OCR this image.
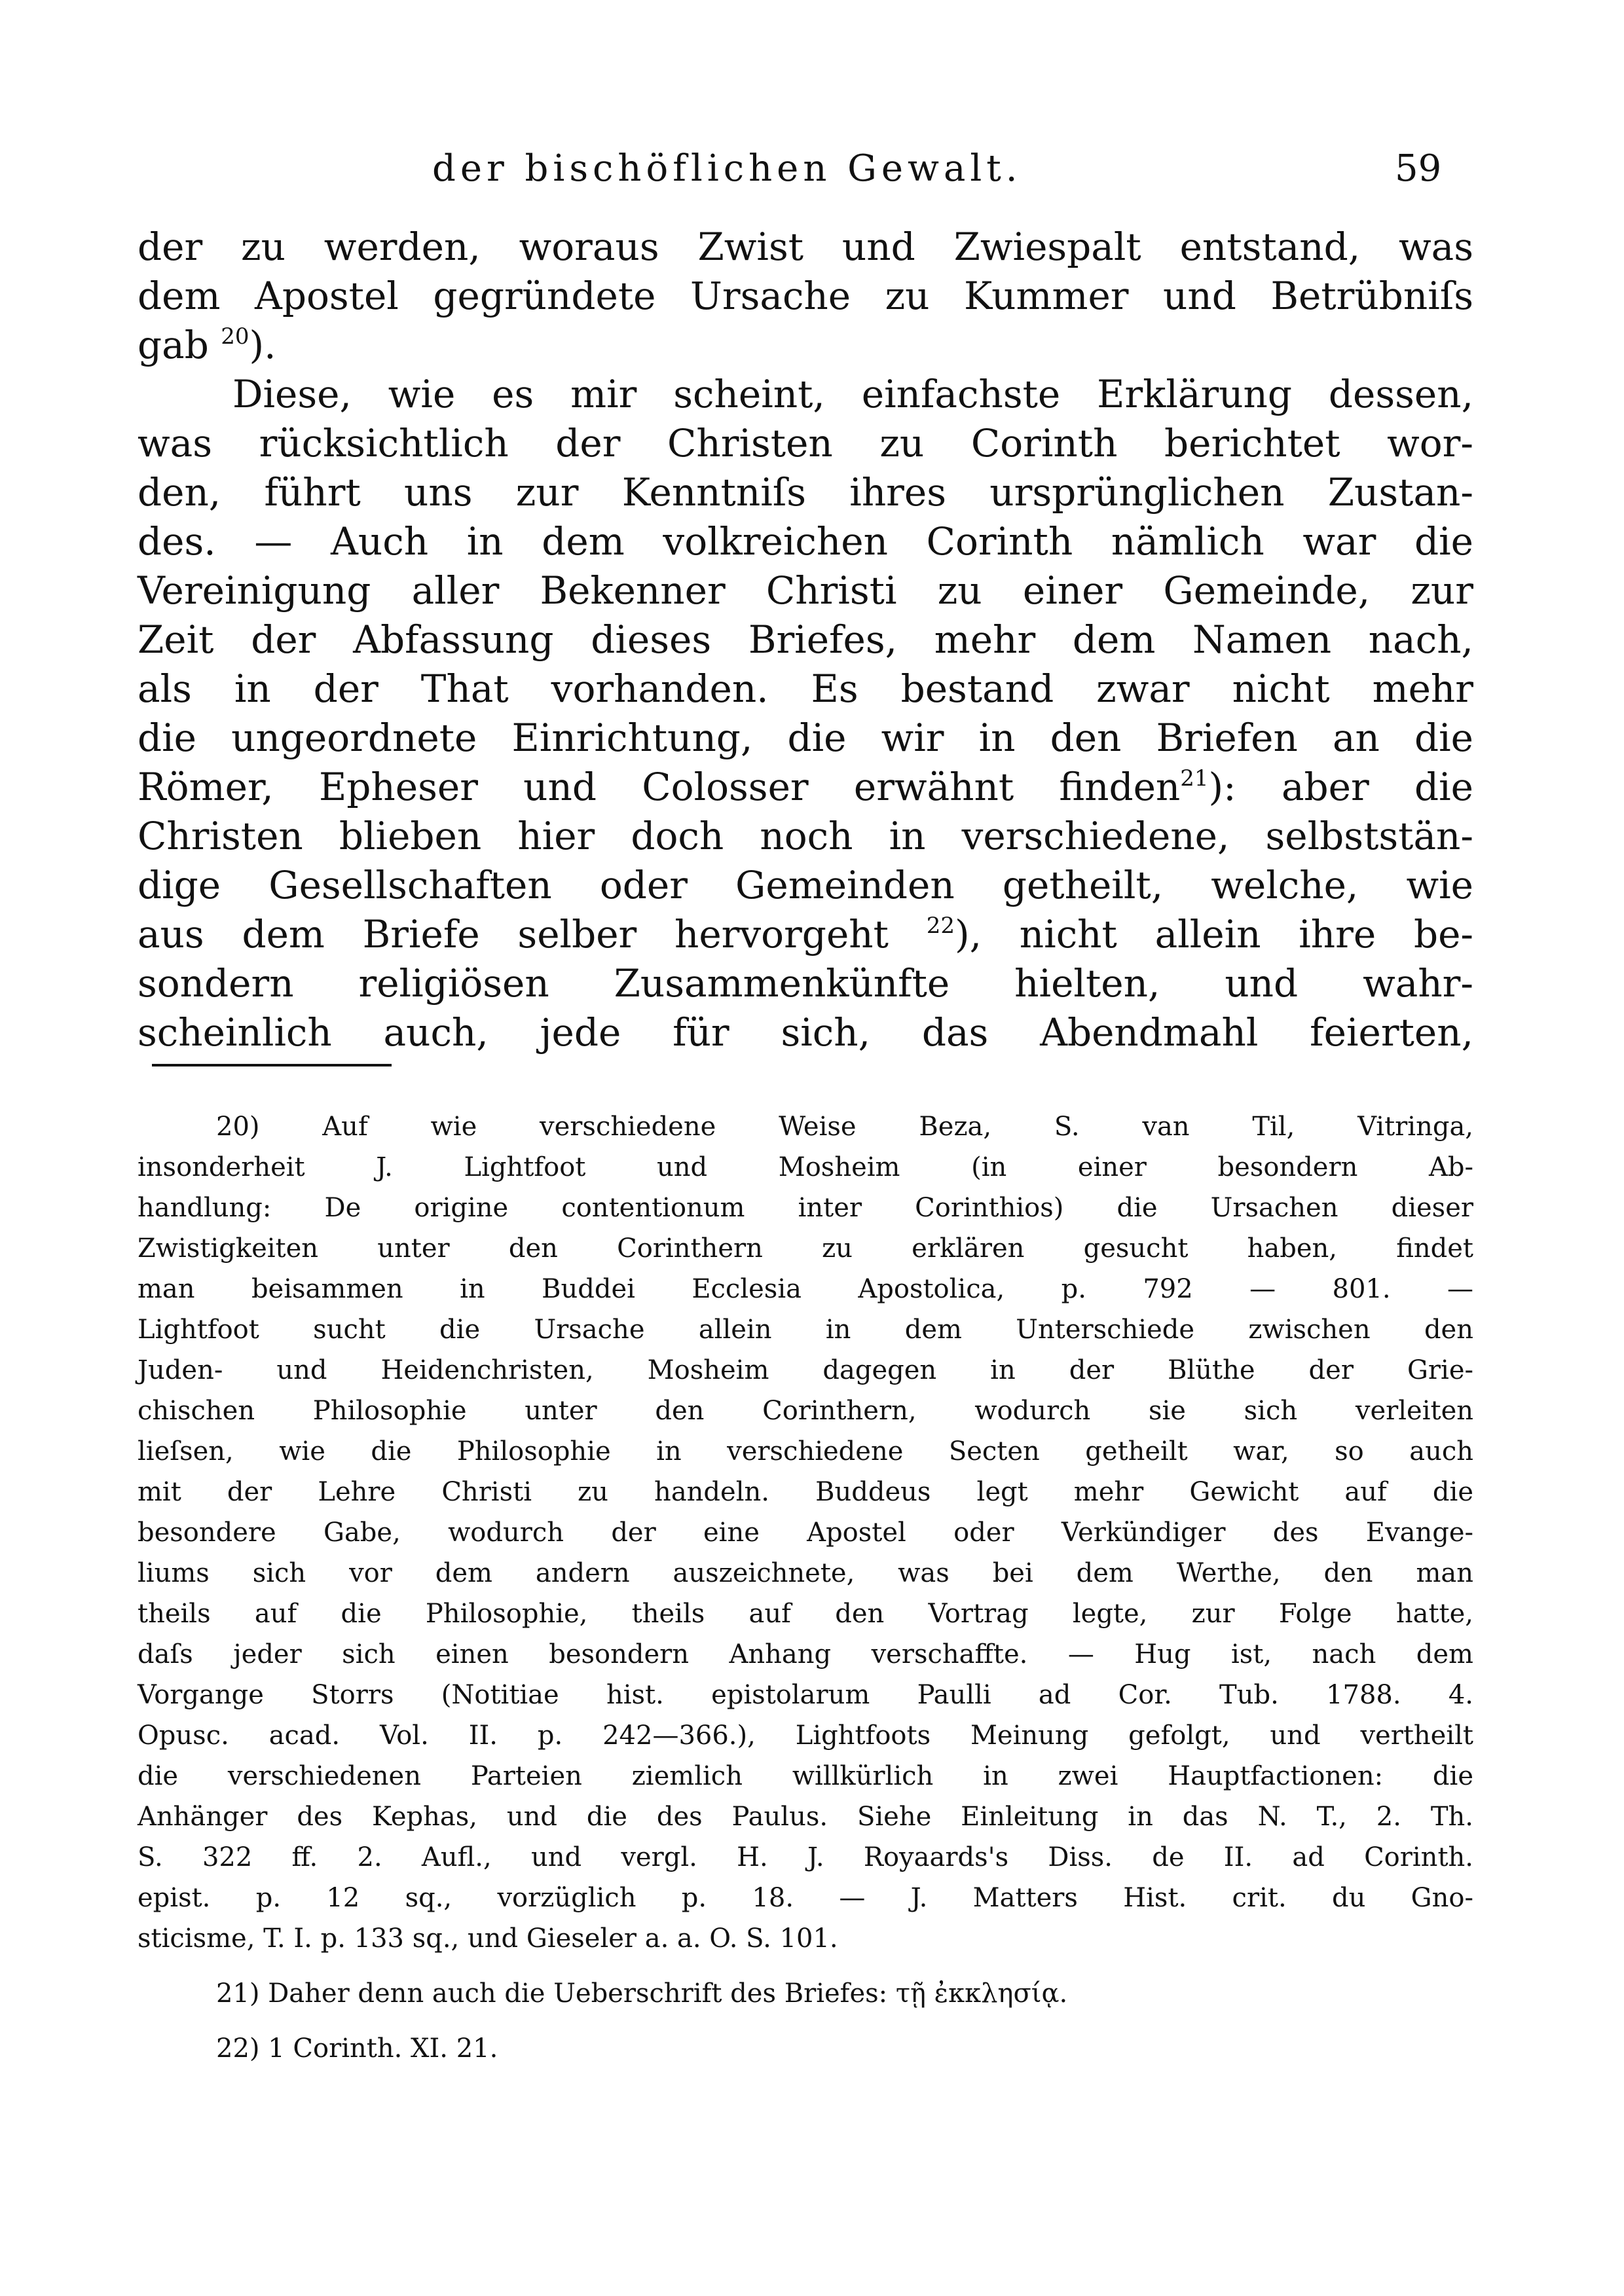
der bischöflichen Gewalt.	59
der zu werden, woraus Zwist und Zwiespalt entstand, was
dem Apostel gegründete Ursache zu Kummer und Betrübniſs
gab $^{20}$).
Diese, wie es mir scheint, einfachste Erklärung dessen,
was rücksichtlich der Christen zu Corinth berichtet wor-
den, führt uns zur Kenntniſs ihres ursprünglichen Zustan-
des. — Auch in dem volkreichen Corinth nämlich war die
Vereinigung aller Bekenner Christi zu einer Gemeinde, zur
Zeit der Abfassung dieses Briefes, mehr dem Namen nach,
als in der That vorhanden. Es bestand zwar nicht mehr
die ungeordnete Einrichtung, die wir in den Briefen an die
Römer, Epheser und Colosser erwähnt finden$^{21}$): aber die
Christen blieben hier doch noch in verschiedene, selbststän-
dige Gesellschaften oder Gemeinden getheilt, welche, wie
aus dem Briefe selber hervorgeht $^{22}$), nicht allein ihre be-
sondern religiösen Zusammenkünfte hielten, und wahr-
scheinlich auch, jede für sich, das Abendmahl feierten,
20) Auf wie verschiedene Weise Beza, S. van Til, Vitringa,
insonderheit J. Lightfoot und Mosheim (in einer besondern Ab-
handlung: De origine contentionum inter Corinthios) die Ursachen dieser
Zwistigkeiten unter den Corinthern zu erklären gesucht haben, findet
man beisammen in Buddei Ecclesia Apostolica, p. 792 — 801. —
Lightfoot sucht die Ursache allein in dem Unterschiede zwischen den
Juden- und Heidenchristen, Mosheim dagegen in der Blüthe der Grie-
chischen Philosophie unter den Corinthern, wodurch sie sich verleiten
lieſsen, wie die Philosophie in verschiedene Secten getheilt war, so auch
mit der Lehre Christi zu handeln. Buddeus legt mehr Gewicht auf die
besondere Gabe, wodurch der eine Apostel oder Verkündiger des Evange-
liums sich vor dem andern auszeichnete, was bei dem Werthe, den man
theils auf die Philosophie, theils auf den Vortrag legte, zur Folge hatte,
daſs jeder sich einen besondern Anhang verschaffte. — Hug ist, nach dem
Vorgange Storrs (Notitiae hist. epistolarum Paulli ad Cor. Tub. 1788. 4.
Opusc. acad. Vol. II. p. 242—366.), Lightfoots Meinung gefolgt, und vertheilt
die verschiedenen Parteien ziemlich willkürlich in zwei Hauptfactionen: die
Anhänger des Kephas, und die des Paulus. Siehe Einleitung in das N. T., 2. Th.
S. 322 ff. 2. Aufl., und vergl. H. J. Royaards's Diss. de II. ad Corinth.
epist. p. 12 sq., vorzüglich p. 18. — J. Matters Hist. crit. du Gno-
sticisme, T. I. p. 133 sq., und Gieseler a. a. O. S. 101.
21) Daher denn auch die Ueberschrift des Briefes: τῇ ἐκκλησίᾳ.
22) 1 Corinth. XI. 21.
